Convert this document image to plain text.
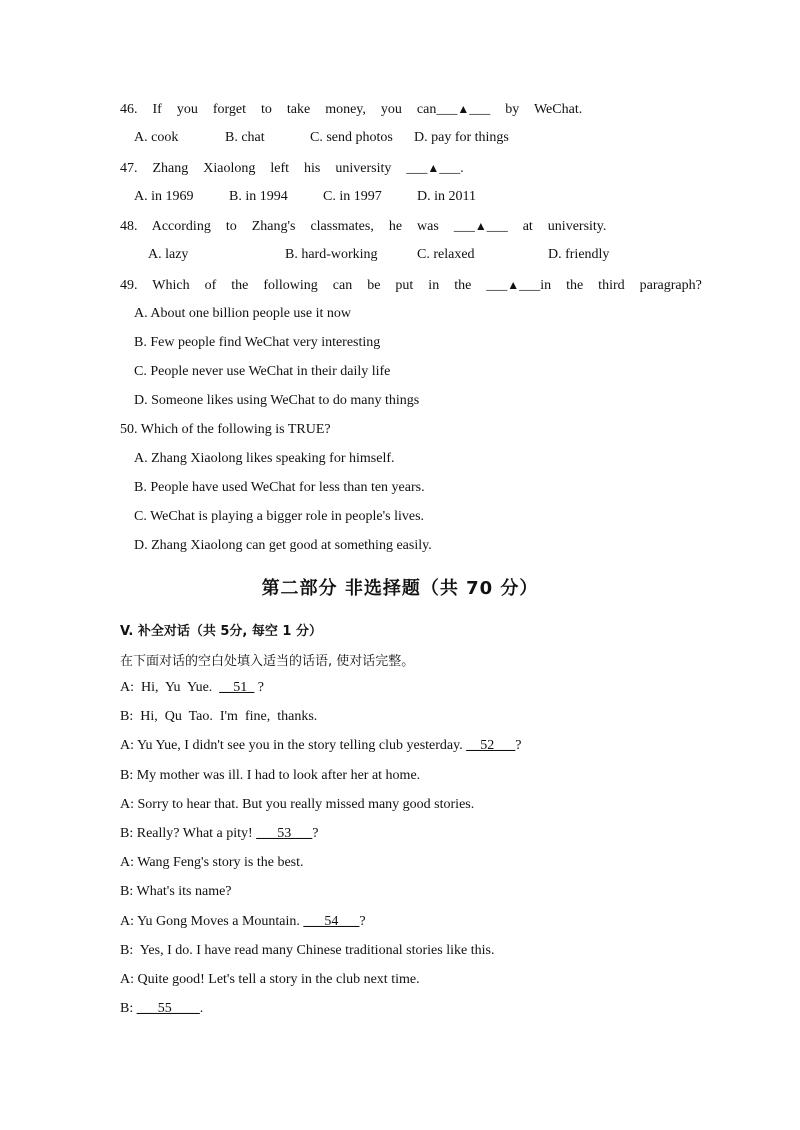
46.  If  you  forget  to  take  money,  you  can___▲___  by  WeChat.
A. cook	B. chat	C. send photos D. pay for things
47.  Zhang  Xiaolong  left  his  university  ___▲___.
A. in 1969	B. in 1994	C. in 1997	D. in 2011
48.  According  to  Zhang's  classmates,  he  was  ___▲___  at  university.
A. lazy	B. hard-working	C. relaxed	D. friendly
49.  Which  of  the  following  can  be  put  in  the  ___▲___in  the  third  paragraph?
A. About one billion people use it now
B. Few people find WeChat very interesting
C. People never use WeChat in their daily life
D. Someone likes using WeChat to do many things
50. Which of the following is TRUE?
A. Zhang Xiaolong likes speaking for himself.
B. People have used WeChat for less than ten years.
C. WeChat is playing a bigger role in people's lives.
D. Zhang Xiaolong can get good at something easily.
第二部分 非选择题（共 70 分）
V. 补全对话（共 5分, 每空 1 分）
在下面对话的空白处填入适当的话语, 使对话完整。
A:  Hi,  Yu  Yue.  __51_ ?
B:  Hi,  Qu  Tao.  I'm  fine,  thanks.
A: Yu Yue, I didn't see you in the story telling club yesterday. __52___?
B: My mother was ill. I had to look after her at home.
A: Sorry to hear that. But you really missed many good stories.
B: Really? What a pity! ___53___?
A: Wang Feng's story is the best.
B: What's its name?
A: Yu Gong Moves a Mountain. ___54___?
B:  Yes, I do. I have read many Chinese traditional stories like this.
A: Quite good! Let's tell a story in the club next time.
B: ___55____.
